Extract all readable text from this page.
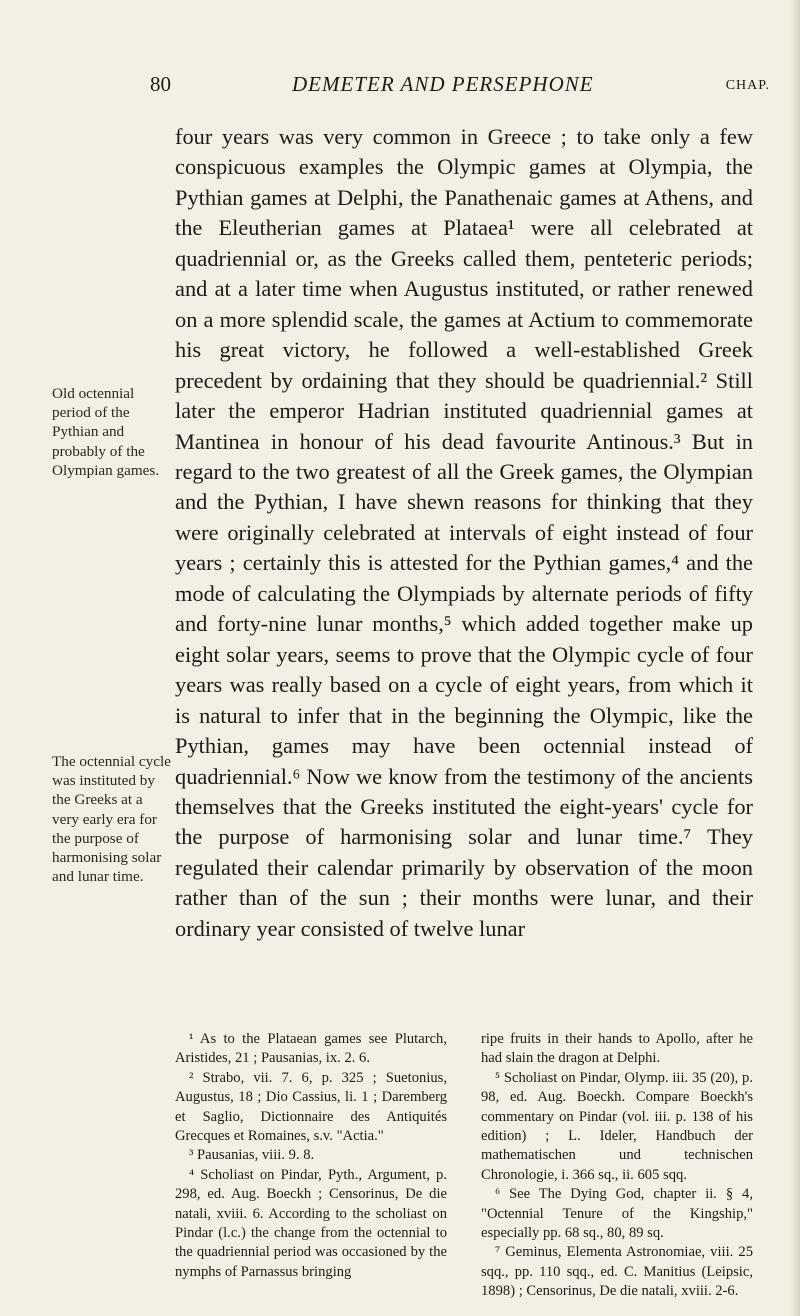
80	DEMETER AND PERSEPHONE	CHAP.

four years was very common in Greece ; to take only a few conspicuous examples the Olympic games at Olympia, the Pythian games at Delphi, the Panathenaic games at Athens, and the Eleutherian games at Plataea¹ were all celebrated at quadriennial or, as the Greeks called them, penteteric periods; and at a later time when Augustus instituted, or rather renewed on a more splendid scale, the games at Actium to commemorate his great victory, he followed a well-established Greek precedent by ordaining that they should be quadriennial.² Still later the emperor Hadrian instituted quadriennial games at Mantinea in honour of his dead favourite Antinous.³ But in regard to the two greatest of all the Greek games, the Olympian and the Pythian, I have shewn reasons for thinking that they were originally celebrated at intervals of eight instead of four years ; certainly this is attested for the Pythian games,⁴ and the mode of calculating the Olympiads by alternate periods of fifty and forty-nine lunar months,⁵ which added together make up eight solar years, seems to prove that the Olympic cycle of four years was really based on a cycle of eight years, from which it is natural to infer that in the beginning the Olympic, like the Pythian, games may have been octennial instead of quadriennial.⁶ Now we know from the testimony of the ancients themselves that the Greeks instituted the eight-years' cycle for the purpose of harmonising solar and lunar time.⁷ They regulated their calendar primarily by observation of the moon rather than of the sun ; their months were lunar, and their ordinary year consisted of twelve lunar

Old octennial period of the Pythian and probably of the Olympian games.
The octennial cycle was instituted by the Greeks at a very early era for the purpose of harmonising solar and lunar time.

¹ As to the Plataean games see Plutarch, Aristides, 21 ; Pausanias, ix. 2. 6.

² Strabo, vii. 7. 6, p. 325 ; Suetonius, Augustus, 18 ; Dio Cassius, li. 1 ; Daremberg et Saglio, Dictionnaire des Antiquités Grecques et Romaines, s.v. "Actia."

³ Pausanias, viii. 9. 8.

⁴ Scholiast on Pindar, Pyth., Argument, p. 298, ed. Aug. Boeckh ; Censorinus, De die natali, xviii. 6. According to the scholiast on Pindar (l.c.) the change from the octennial to the quadriennial period was occasioned by the nymphs of Parnassus bringing

ripe fruits in their hands to Apollo, after he had slain the dragon at Delphi.

⁵ Scholiast on Pindar, Olymp. iii. 35 (20), p. 98, ed. Aug. Boeckh. Compare Boeckh's commentary on Pindar (vol. iii. p. 138 of his edition) ; L. Ideler, Handbuch der mathematischen und technischen Chronologie, i. 366 sq., ii. 605 sqq.

⁶ See The Dying God, chapter ii. § 4, "Octennial Tenure of the Kingship," especially pp. 68 sq., 80, 89 sq.

⁷ Geminus, Elementa Astronomiae, viii. 25 sqq., pp. 110 sqq., ed. C. Manitius (Leipsic, 1898) ; Censorinus, De die natali, xviii. 2-6.
